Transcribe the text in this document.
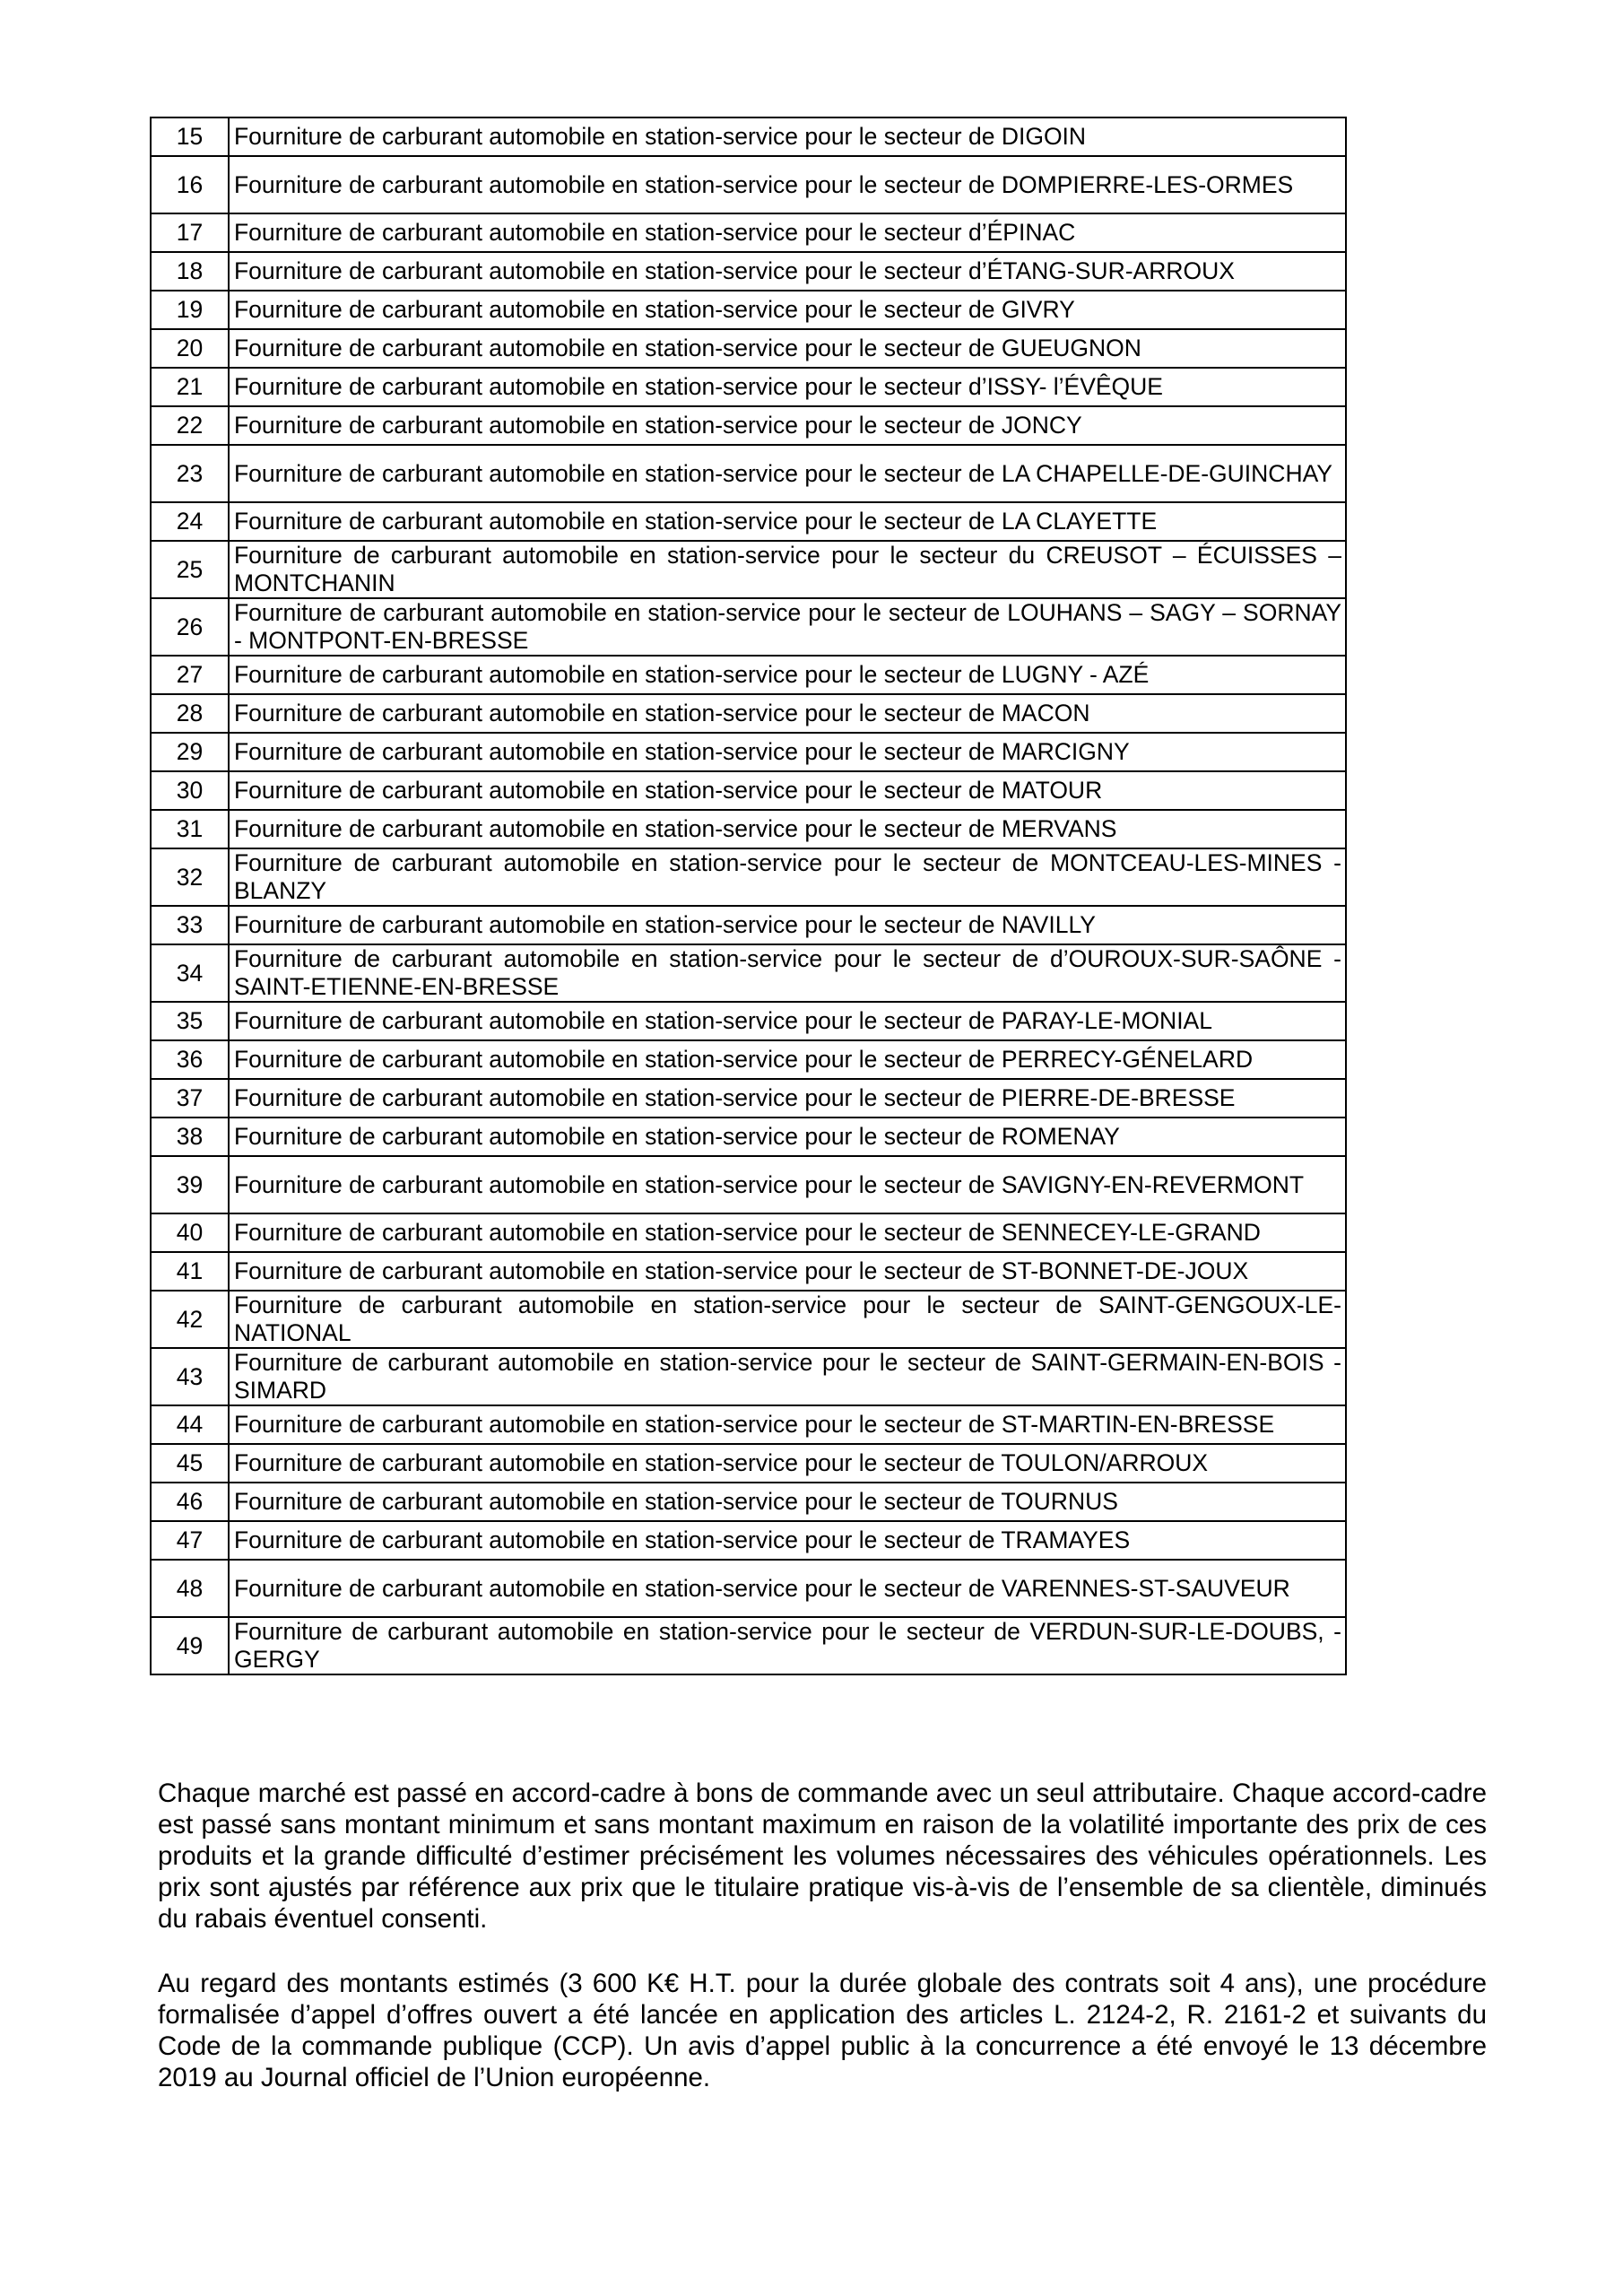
15	Fourniture de carburant automobile en station-service pour le secteur de DIGOIN
16	Fourniture de carburant automobile en station-service pour le secteur de DOMPIERRE-LES-ORMES
17	Fourniture de carburant automobile en station-service pour le secteur d’ÉPINAC
18	Fourniture de carburant automobile en station-service pour le secteur d’ÉTANG-SUR-ARROUX
19	Fourniture de carburant automobile en station-service pour le secteur de GIVRY
20	Fourniture de carburant automobile en station-service pour le secteur de GUEUGNON
21	Fourniture de carburant automobile en station-service pour le secteur d’ISSY- l’ÉVÊQUE
22	Fourniture de carburant automobile en station-service pour le secteur de JONCY
23	Fourniture de carburant automobile en station-service pour le secteur de LA CHAPELLE-DE-GUINCHAY
24	Fourniture de carburant automobile en station-service pour le secteur de LA CLAYETTE
25	Fourniture de carburant automobile en station-service pour le secteur du CREUSOT – ÉCUISSES – MONTCHANIN
26	Fourniture de carburant automobile en station-service pour le secteur de LOUHANS – SAGY – SORNAY - MONTPONT-EN-BRESSE
27	Fourniture de carburant automobile en station-service pour le secteur de LUGNY - AZÉ
28	Fourniture de carburant automobile en station-service pour le secteur de MACON
29	Fourniture de carburant automobile en station-service pour le secteur de MARCIGNY
30	Fourniture de carburant automobile en station-service pour le secteur de MATOUR
31	Fourniture de carburant automobile en station-service pour le secteur de MERVANS
32	Fourniture de carburant automobile en station-service pour le secteur de MONTCEAU-LES-MINES - BLANZY
33	Fourniture de carburant automobile en station-service pour le secteur de NAVILLY
34	Fourniture de carburant automobile en station-service pour le secteur de d’OUROUX-SUR-SAÔNE - SAINT-ETIENNE-EN-BRESSE
35	Fourniture de carburant automobile en station-service pour le secteur de PARAY-LE-MONIAL
36	Fourniture de carburant automobile en station-service pour le secteur de PERRECY-GÉNELARD
37	Fourniture de carburant automobile en station-service pour le secteur de PIERRE-DE-BRESSE
38	Fourniture de carburant automobile en station-service pour le secteur de ROMENAY
39	Fourniture de carburant automobile en station-service pour le secteur de SAVIGNY-EN-REVERMONT
40	Fourniture de carburant automobile en station-service pour le secteur de SENNECEY-LE-GRAND
41	Fourniture de carburant automobile en station-service pour le secteur de ST-BONNET-DE-JOUX
42	Fourniture de carburant automobile en station-service pour le secteur de SAINT-GENGOUX-LE-NATIONAL
43	Fourniture de carburant automobile en station-service pour le secteur de SAINT-GERMAIN-EN-BOIS - SIMARD
44	Fourniture de carburant automobile en station-service pour le secteur de ST-MARTIN-EN-BRESSE
45	Fourniture de carburant automobile en station-service pour le secteur de TOULON/ARROUX
46	Fourniture de carburant automobile en station-service pour le secteur de TOURNUS
47	Fourniture de carburant automobile en station-service pour le secteur de TRAMAYES
48	Fourniture de carburant automobile en station-service pour le secteur de VARENNES-ST-SAUVEUR
49	Fourniture de carburant automobile en station-service pour le secteur de VERDUN-SUR-LE-DOUBS, - GERGY

Chaque marché est passé en accord-cadre à bons de commande avec un seul attributaire. Chaque accord-cadre est passé sans montant minimum et sans montant maximum en raison de la volatilité importante des prix de ces produits et la grande difficulté d’estimer précisément les volumes nécessaires des véhicules opérationnels. Les prix sont ajustés par référence aux prix que le titulaire pratique vis-à-vis de l’ensemble de sa clientèle, diminués du rabais éventuel consenti.

Au regard des montants estimés (3 600 K€ H.T. pour la durée globale des contrats soit 4 ans), une procédure formalisée d’appel d’offres ouvert a été lancée en application des articles L. 2124-2, R. 2161-2 et suivants du Code de la commande publique (CCP). Un avis d’appel public à la concurrence a été envoyé le 13 décembre 2019 au Journal officiel de l’Union européenne.
